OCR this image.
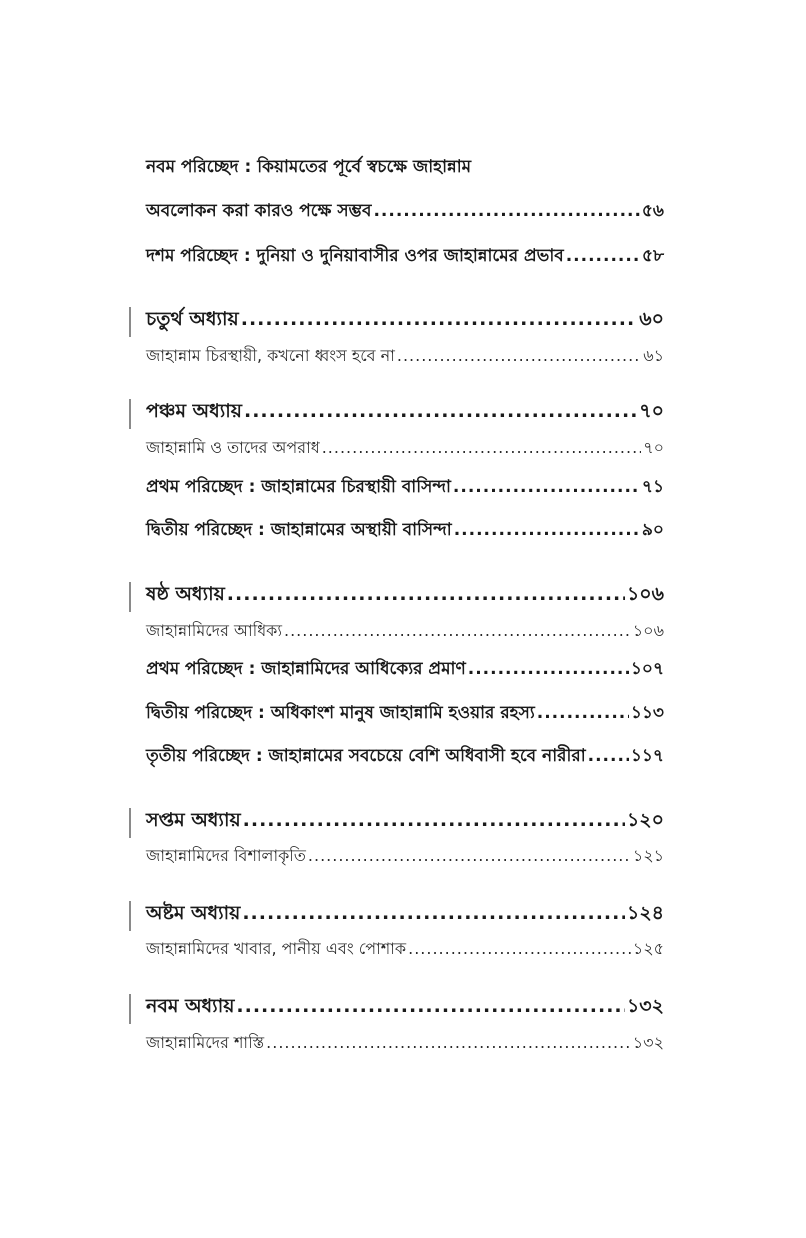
নবম পরিচ্ছেদ : কিয়ামতের পূর্বে স্বচক্ষে জাহান্নাম
অবলোকন করা কারও পক্ষে সম্ভব .....	৫৬
দশম পরিচ্ছেদ : দুনিয়া ও দুনিয়াবাসীর ওপর জাহান্নামের প্রভাব .....	৫৮
চতুর্থ অধ্যায় .....	৬০
জাহান্নাম চিরস্থায়ী, কখনো ধ্বংস হবে না .....	৬১
পঞ্চম অধ্যায় .....	৭০
জাহান্নামি ও তাদের অপরাধ .....	৭০
প্রথম পরিচ্ছেদ : জাহান্নামের চিরস্থায়ী বাসিন্দা .....	৭১
দ্বিতীয় পরিচ্ছেদ : জাহান্নামের অস্থায়ী বাসিন্দা .....	৯০
ষষ্ঠ অধ্যায় .....	১০৬
জাহান্নামিদের আধিক্য .....	১০৬
প্রথম পরিচ্ছেদ : জাহান্নামিদের আধিক্যের প্রমাণ .....	১০৭
দ্বিতীয় পরিচ্ছেদ : অধিকাংশ মানুষ জাহান্নামি হওয়ার রহস্য .....	১১৩
তৃতীয় পরিচ্ছেদ : জাহান্নামের সবচেয়ে বেশি অধিবাসী হবে নারীরা .....	১১৭
সপ্তম অধ্যায় .....	১২০
জাহান্নামিদের বিশালাকৃতি .....	১২১
অষ্টম অধ্যায় .....	১২৪
জাহান্নামিদের খাবার, পানীয় এবং পোশাক .....	১২৫
নবম অধ্যায় .....	১৩২
জাহান্নামিদের শাস্তি .....	১৩২
